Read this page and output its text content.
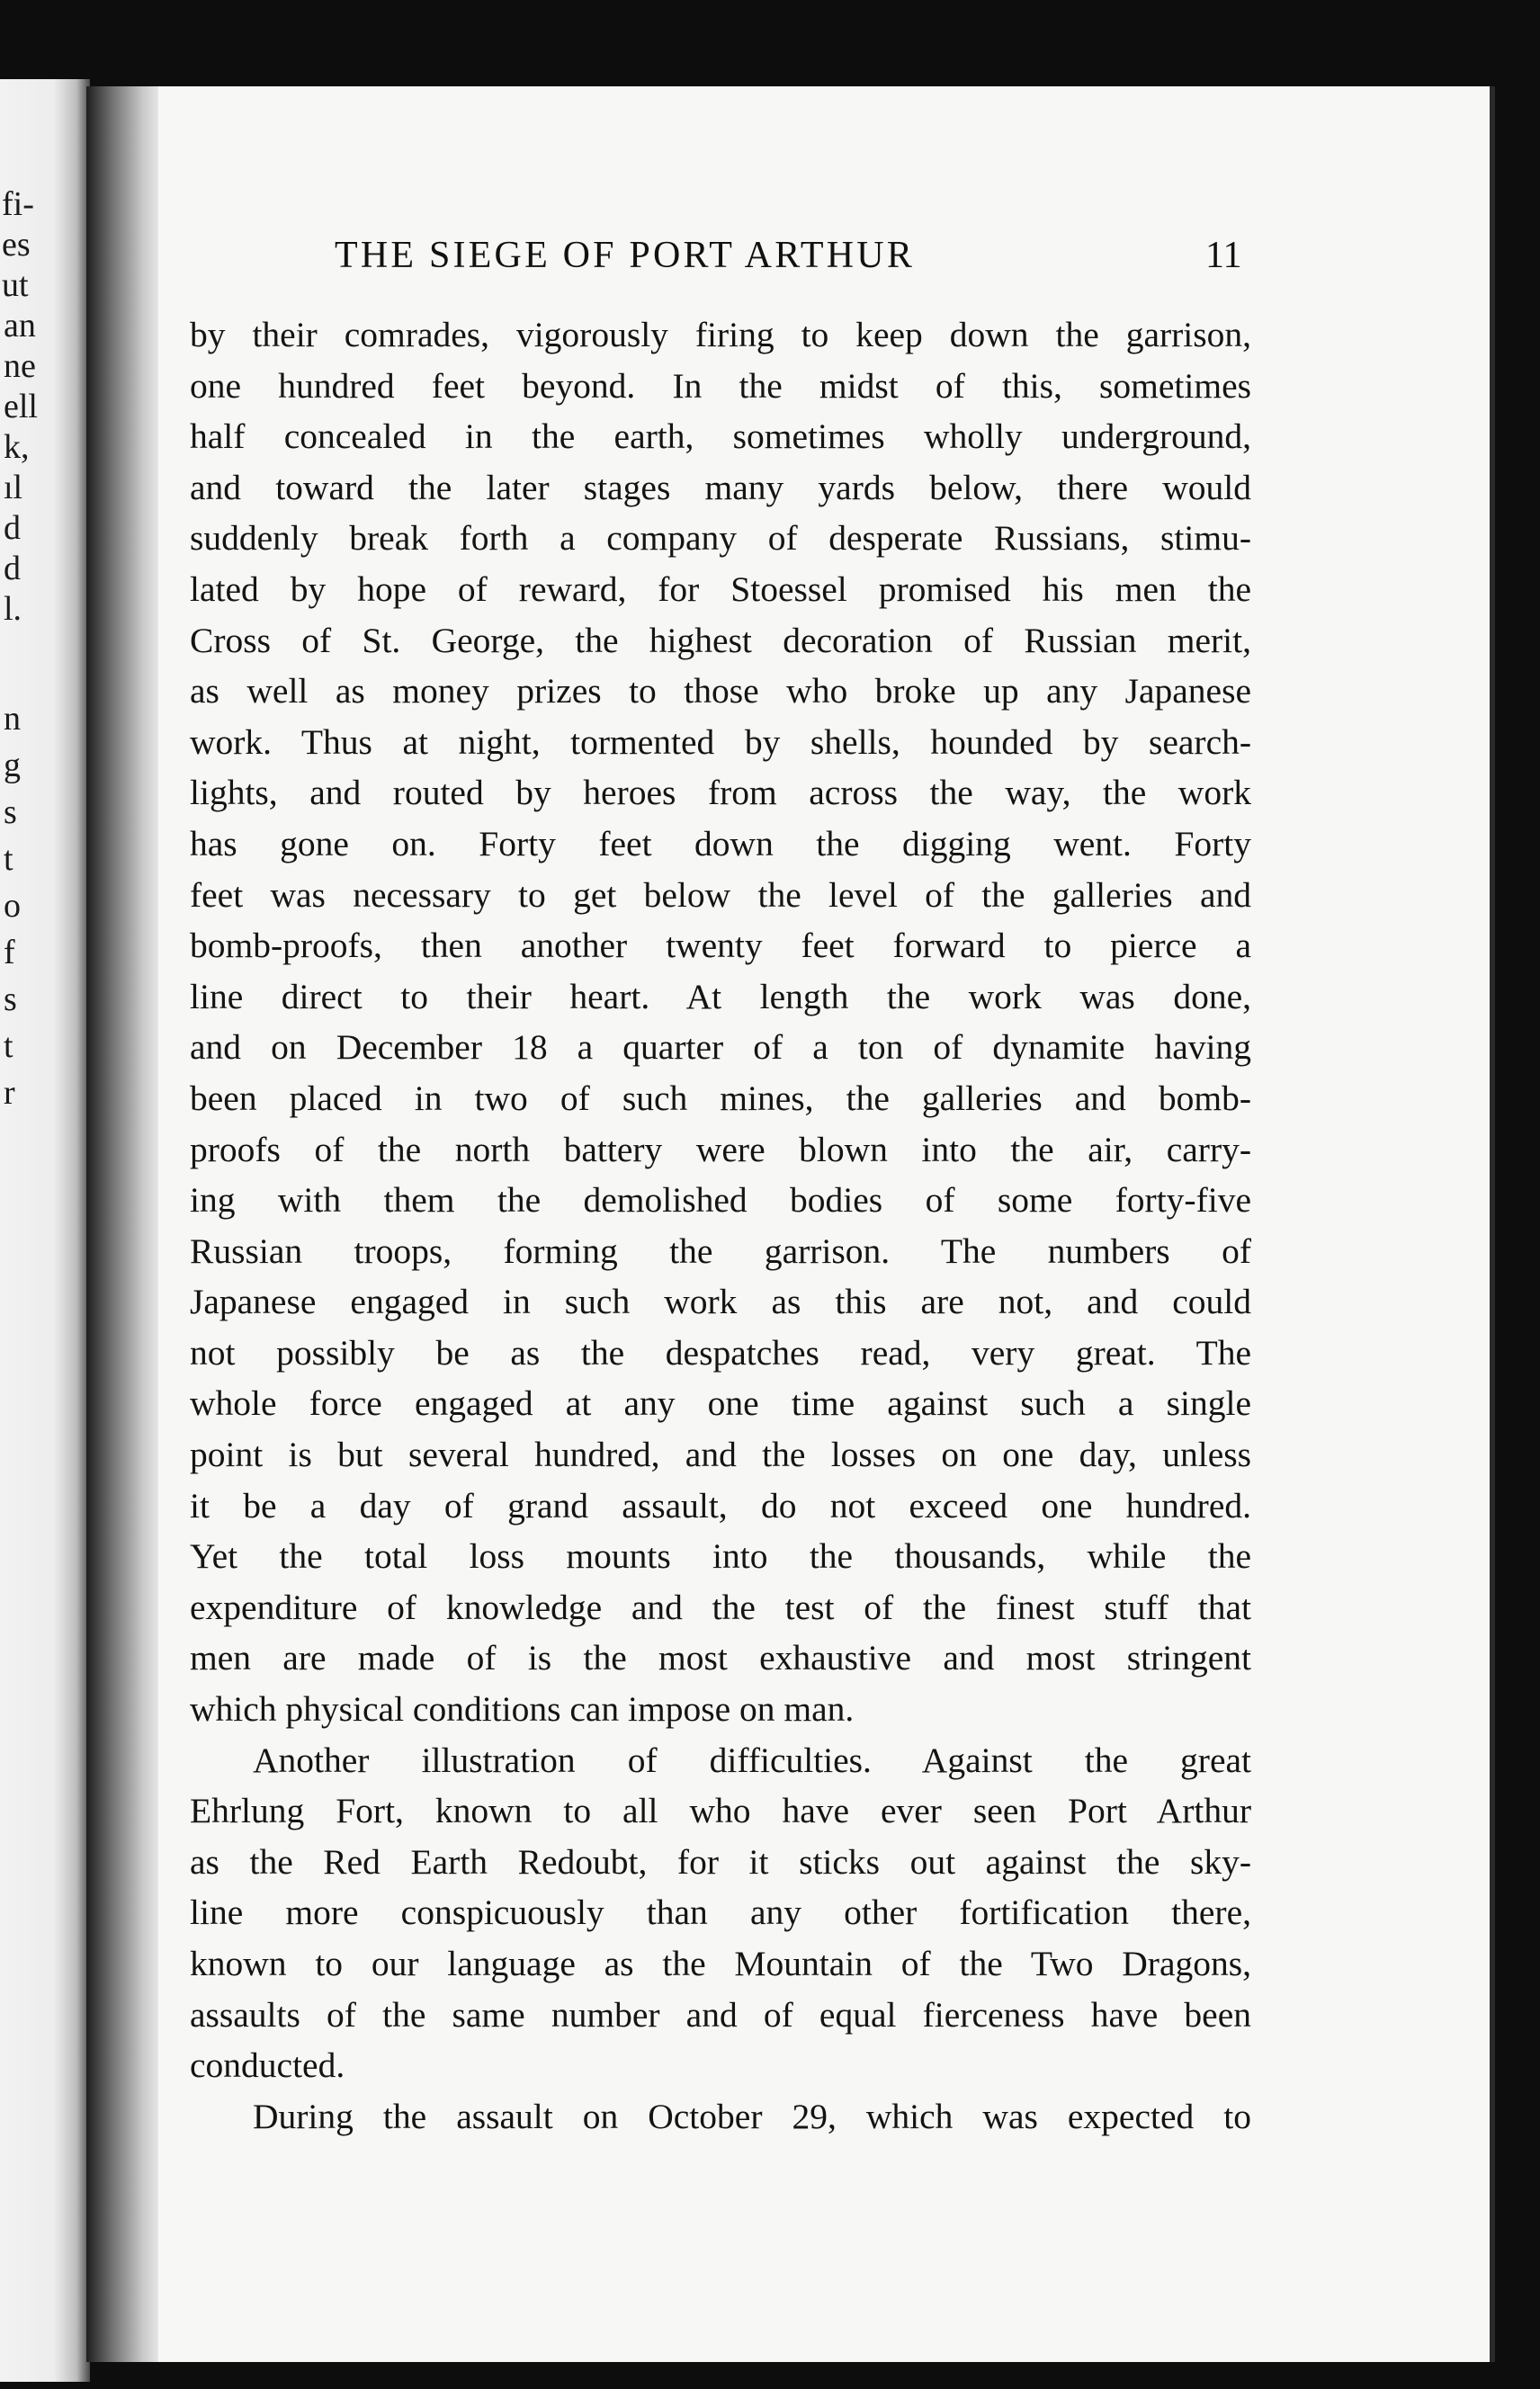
fi-
es
ut
an
ne
ell
k,
ıl
d
d
l.
n
g
s
t
o
f
s
t
r
THE SIEGE OF PORT ARTHUR	11

by their comrades, vigorously firing to keep down the garrison,

one hundred feet beyond. In the midst of this, sometimes

half concealed in the earth, sometimes wholly underground,

and toward the later stages many yards below, there would

suddenly break forth a company of desperate Russians, stimu-

lated by hope of reward, for Stoessel promised his men the

Cross of St. George, the highest decoration of Russian merit,

as well as money prizes to those who broke up any Japanese

work. Thus at night, tormented by shells, hounded by search-

lights, and routed by heroes from across the way, the work

has gone on. Forty feet down the digging went. Forty

feet was necessary to get below the level of the galleries and

bomb-proofs, then another twenty feet forward to pierce a

line direct to their heart. At length the work was done,

and on December 18 a quarter of a ton of dynamite having

been placed in two of such mines, the galleries and bomb-

proofs of the north battery were blown into the air, carry-

ing with them the demolished bodies of some forty-five

Russian troops, forming the garrison. The numbers of

Japanese engaged in such work as this are not, and could

not possibly be as the despatches read, very great. The

whole force engaged at any one time against such a single

point is but several hundred, and the losses on one day, unless

it be a day of grand assault, do not exceed one hundred.

Yet the total loss mounts into the thousands, while the

expenditure of knowledge and the test of the finest stuff that

men are made of is the most exhaustive and most stringent

which physical conditions can impose on man.

Another illustration of difficulties. Against the great

Ehrlung Fort, known to all who have ever seen Port Arthur

as the Red Earth Redoubt, for it sticks out against the sky-

line more conspicuously than any other fortification there,

known to our language as the Mountain of the Two Dragons,

assaults of the same number and of equal fierceness have been

conducted.

During the assault on October 29, which was expected to
